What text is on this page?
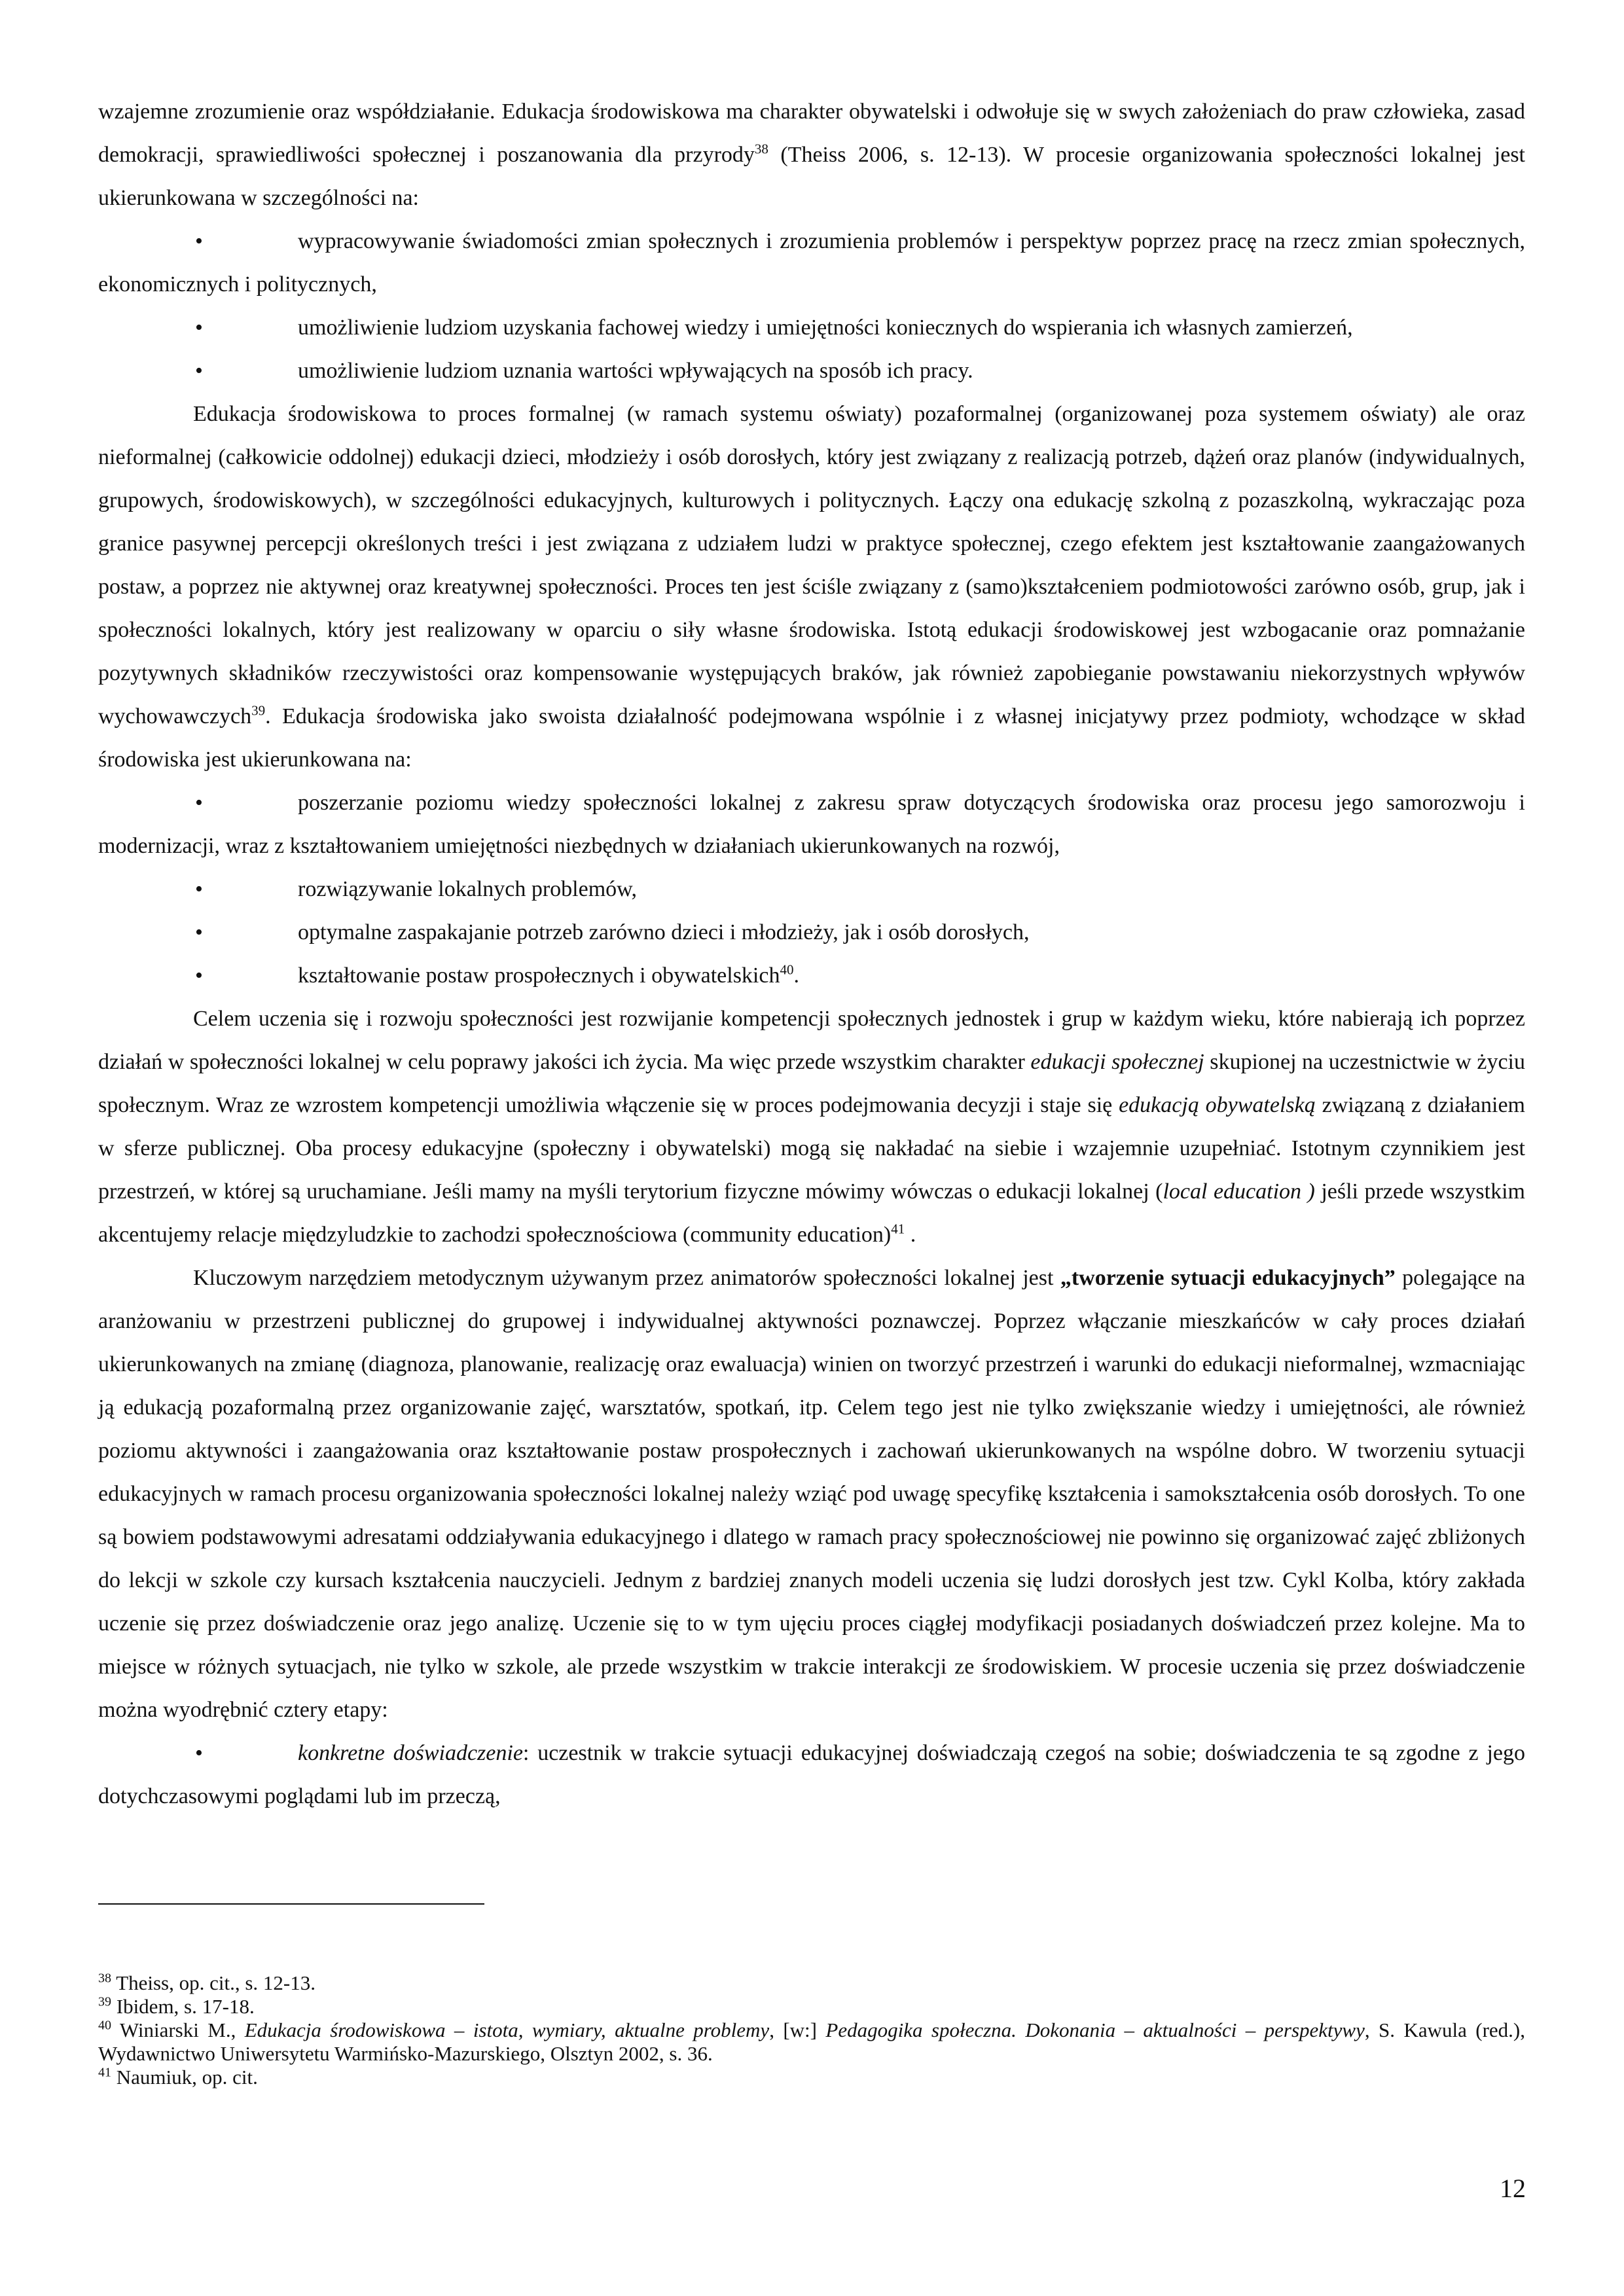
wzajemne zrozumienie oraz współdziałanie. Edukacja środowiskowa ma charakter obywatelski i odwołuje się w swych założeniach do praw człowieka, zasad demokracji, sprawiedliwości społecznej i poszanowania dla przyrody$^{38}$ (Theiss 2006, s. 12-13). W procesie organizowania społeczności lokalnej jest ukierunkowana w szczególności na:

•	wypracowywanie świadomości zmian społecznych i zrozumienia problemów i perspektyw poprzez pracę na rzecz zmian społecznych, ekonomicznych i politycznych,

•	umożliwienie ludziom uzyskania fachowej wiedzy i umiejętności koniecznych do wspierania ich własnych zamierzeń,

•	umożliwienie ludziom uznania wartości wpływających na sposób ich pracy.

Edukacja środowiskowa to proces formalnej (w ramach systemu oświaty) pozaformalnej (organizowanej poza systemem oświaty) ale oraz nieformalnej (całkowicie oddolnej) edukacji dzieci, młodzieży i osób dorosłych, który jest związany z realizacją potrzeb, dążeń oraz planów (indywidualnych, grupowych, środowiskowych), w szczególności edukacyjnych, kulturowych i politycznych. Łączy ona edukację szkolną z pozaszkolną, wykraczając poza granice pasywnej percepcji określonych treści i jest związana z udziałem ludzi w praktyce społecznej, czego efektem jest kształtowanie zaangażowanych postaw, a poprzez nie aktywnej oraz kreatywnej społeczności. Proces ten jest ściśle związany z (samo)kształceniem podmiotowości zarówno osób, grup, jak i społeczności lokalnych, który jest realizowany w oparciu o siły własne środowiska. Istotą edukacji środowiskowej jest wzbogacanie oraz pomnażanie pozytywnych składników rzeczywistości oraz kompensowanie występujących braków, jak również zapobieganie powstawaniu niekorzystnych wpływów wychowawczych$^{39}$. Edukacja środowiska jako swoista działalność podejmowana wspólnie i z własnej inicjatywy przez podmioty, wchodzące w skład środowiska jest ukierunkowana na:

•	poszerzanie poziomu wiedzy społeczności lokalnej z zakresu spraw dotyczących środowiska oraz procesu jego samorozwoju i modernizacji, wraz z kształtowaniem umiejętności niezbędnych w działaniach ukierunkowanych na rozwój,

•	rozwiązywanie lokalnych problemów,

•	optymalne zaspakajanie potrzeb zarówno dzieci i młodzieży, jak i osób dorosłych,

•	kształtowanie postaw prospołecznych i obywatelskich$^{40}$.

Celem uczenia się i rozwoju społeczności jest rozwijanie kompetencji społecznych jednostek i grup w każdym wieku, które nabierają ich poprzez działań w społeczności lokalnej w celu poprawy jakości ich życia. Ma więc przede wszystkim charakter edukacji społecznej skupionej na uczestnictwie w życiu społecznym. Wraz ze wzrostem kompetencji umożliwia włączenie się w proces podejmowania decyzji i staje się edukacją obywatelską związaną z działaniem w sferze publicznej. Oba procesy edukacyjne (społeczny i obywatelski) mogą się nakładać na siebie i wzajemnie uzupełniać. Istotnym czynnikiem jest przestrzeń, w której są uruchamiane. Jeśli mamy na myśli terytorium fizyczne mówimy wówczas o edukacji lokalnej (local education ) jeśli przede wszystkim akcentujemy relacje międzyludzkie to zachodzi społecznościowa (community education)$^{41}$ .

Kluczowym narzędziem metodycznym używanym przez animatorów społeczności lokalnej jest „tworzenie sytuacji edukacyjnych” polegające na aranżowaniu w przestrzeni publicznej do grupowej i indywidualnej aktywności poznawczej. Poprzez włączanie mieszkańców w cały proces działań ukierunkowanych na zmianę (diagnoza, planowanie, realizację oraz ewaluacja) winien on tworzyć przestrzeń i warunki do edukacji nieformalnej, wzmacniając ją edukacją pozaformalną przez organizowanie zajęć, warsztatów, spotkań, itp. Celem tego jest nie tylko zwiększanie wiedzy i umiejętności, ale również poziomu aktywności i zaangażowania oraz kształtowanie postaw prospołecznych i zachowań ukierunkowanych na wspólne dobro. W tworzeniu sytuacji edukacyjnych w ramach procesu organizowania społeczności lokalnej należy wziąć pod uwagę specyfikę kształcenia i samokształcenia osób dorosłych. To one są bowiem podstawowymi adresatami oddziaływania edukacyjnego i dlatego w ramach pracy społecznościowej nie powinno się organizować zajęć zbliżonych do lekcji w szkole czy kursach kształcenia nauczycieli. Jednym z bardziej znanych modeli uczenia się ludzi dorosłych jest tzw. Cykl Kolba, który zakłada uczenie się przez doświadczenie oraz jego analizę. Uczenie się to w tym ujęciu proces ciągłej modyfikacji posiadanych doświadczeń przez kolejne. Ma to miejsce w różnych sytuacjach, nie tylko w szkole, ale przede wszystkim w trakcie interakcji ze środowiskiem. W procesie uczenia się przez doświadczenie można wyodrębnić cztery etapy:

•	konkretne doświadczenie: uczestnik w trakcie sytuacji edukacyjnej doświadczają czegoś na sobie; doświadczenia te są zgodne z jego dotychczasowymi poglądami lub im przeczą,

$^{38}$ Theiss, op. cit., s. 12-13.

$^{39}$ Ibidem, s. 17-18.

$^{40}$ Winiarski M., Edukacja środowiskowa – istota, wymiary, aktualne problemy, [w:] Pedagogika społeczna. Dokonania – aktualności – perspektywy, S. Kawula (red.), Wydawnictwo Uniwersytetu Warmińsko-Mazurskiego, Olsztyn 2002, s. 36.

$^{41}$ Naumiuk, op. cit.

12
